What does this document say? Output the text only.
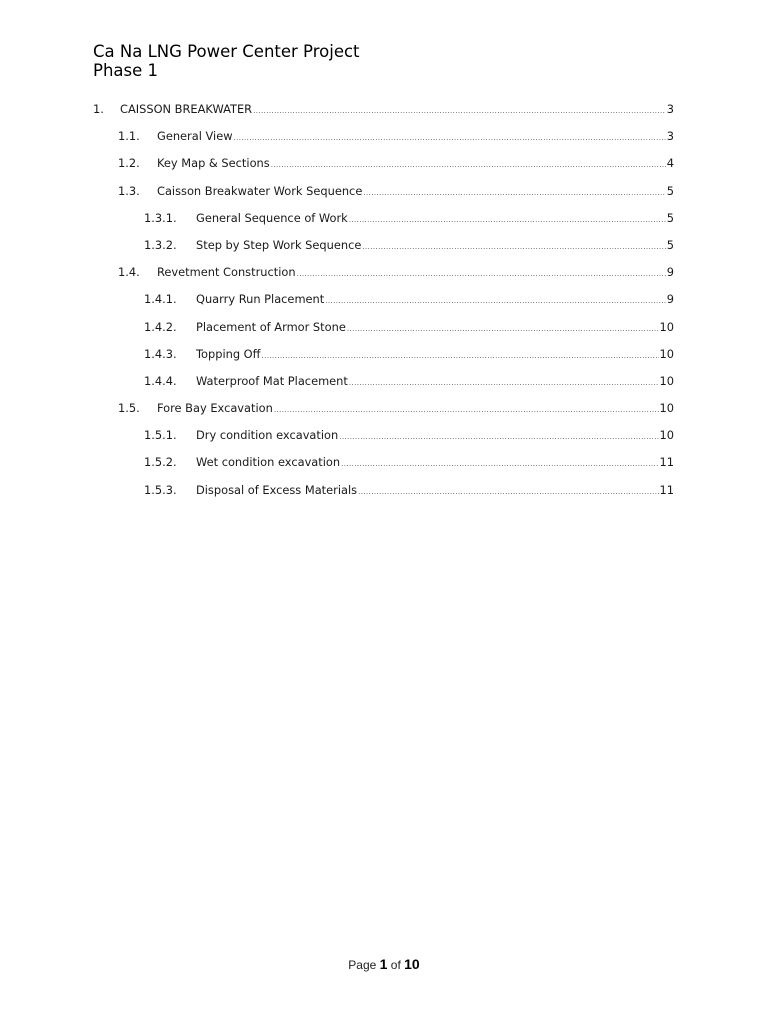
Ca Na LNG Power Center Project
Phase 1
1.	CAISSON BREAKWATER .....	3
1.1.	General View .....	3
1.2.	Key Map & Sections .....	4
1.3.	Caisson Breakwater Work Sequence .....	5
1.3.1.	General Sequence of Work .....	5
1.3.2.	Step by Step Work Sequence .....	5
1.4.	Revetment Construction .....	9
1.4.1.	Quarry Run Placement .....	9
1.4.2.	Placement of Armor Stone .....	10
1.4.3.	Topping Off .....	10
1.4.4.	Waterproof Mat Placement .....	10
1.5.	Fore Bay Excavation .....	10
1.5.1.	Dry condition excavation .....	10
1.5.2.	Wet condition excavation .....	11
1.5.3.	Disposal of Excess Materials .....	11
Page 1 of 10
